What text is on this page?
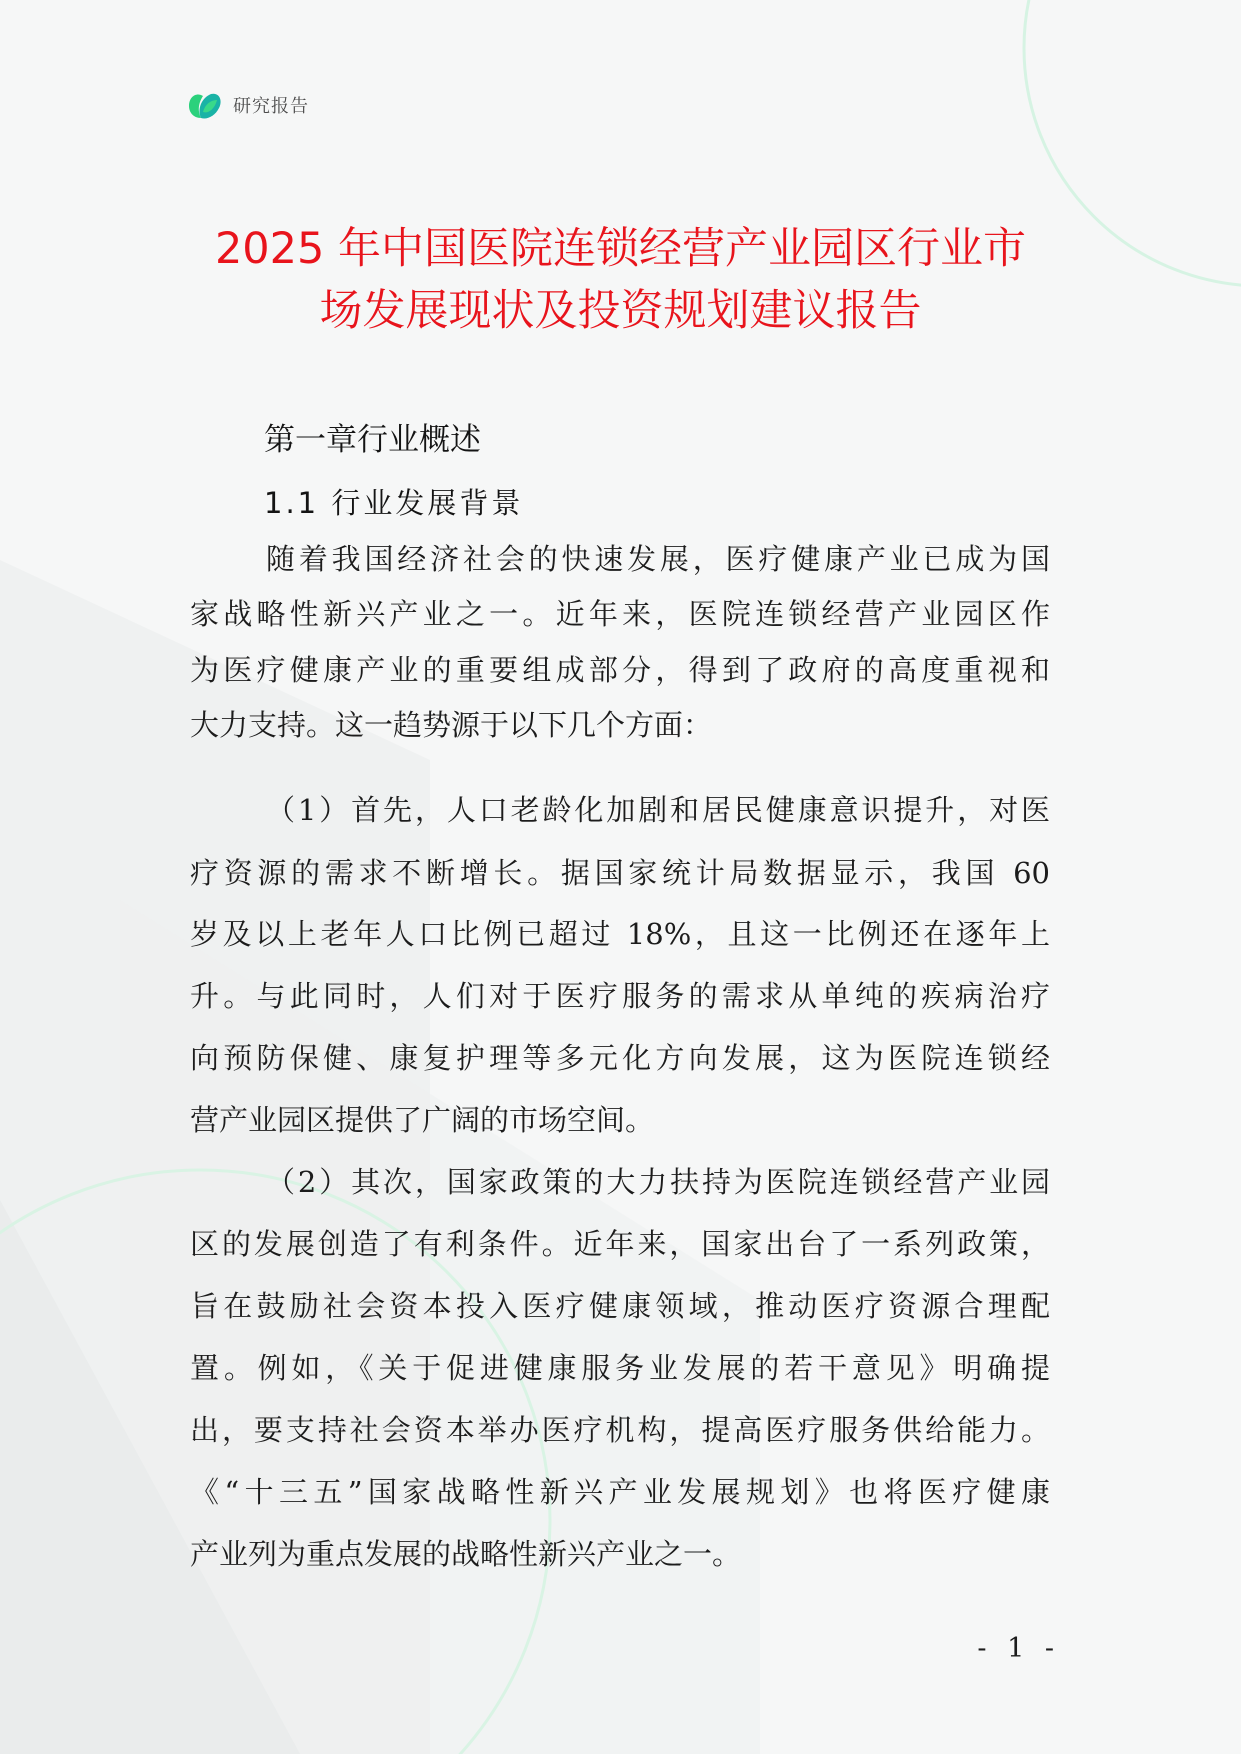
研究报告
2025 年中国医院连锁经营产业园区行业市
场发展现状及投资规划建议报告
第一章行业概述
1.1 行业发展背景

随着我国经济社会的快速发展，医疗健康产业已成为国

家战略性新兴产业之一。近年来，医院连锁经营产业园区作

为医疗健康产业的重要组成部分，得到了政府的高度重视和

大力支持。这一趋势源于以下几个方面：

（1）首先，人口老龄化加剧和居民健康意识提升，对医

疗资源的需求不断增长。据国家统计局数据显示，我国 60

岁及以上老年人口比例已超过 18%，且这一比例还在逐年上

升。与此同时，人们对于医疗服务的需求从单纯的疾病治疗

向预防保健、康复护理等多元化方向发展，这为医院连锁经

营产业园区提供了广阔的市场空间。

（2）其次，国家政策的大力扶持为医院连锁经营产业园

区的发展创造了有利条件。近年来，国家出台了一系列政策，

旨在鼓励社会资本投入医疗健康领域，推动医疗资源合理配

置。例如，《关于促进健康服务业发展的若干意见》明确提

出，要支持社会资本举办医疗机构，提高医疗服务供给能力。

《“十三五”国家战略性新兴产业发展规划》也将医疗健康

产业列为重点发展的战略性新兴产业之一。

- 1 -
